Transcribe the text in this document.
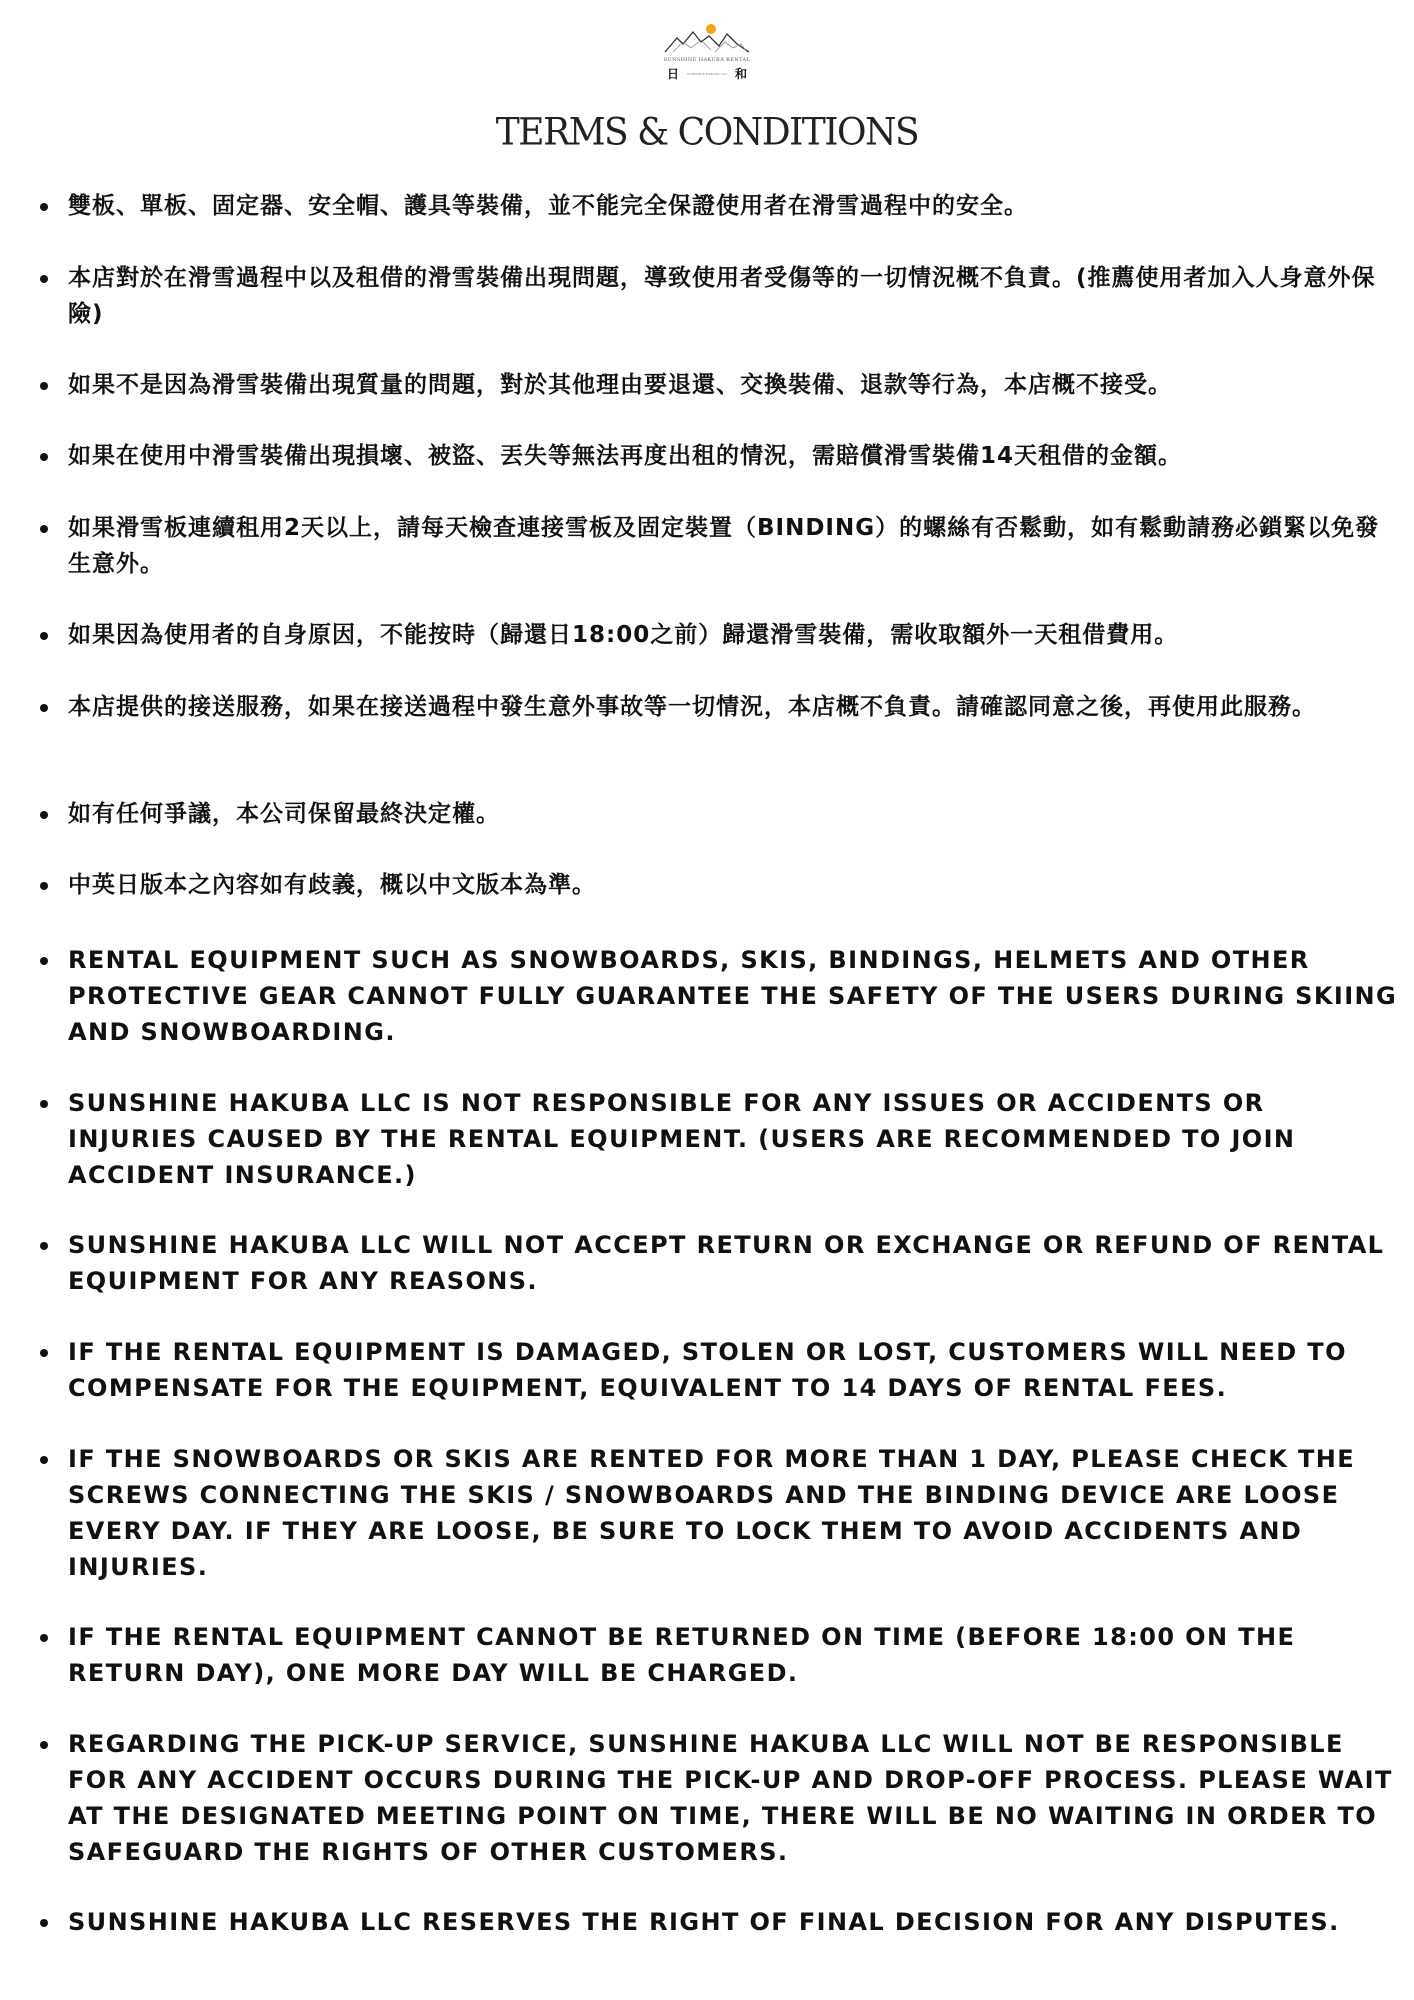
SUNSHINE HAKUBA RENTAL
日	SUNSHINE HAKUBA LLC 和
TERMS & CONDITIONS
雙板、單板、固定器、安全帽、護具等裝備，並不能完全保證使用者在滑雪過程中的安全。
本店對於在滑雪過程中以及租借的滑雪裝備出現問題，導致使用者受傷等的一切情況概不負責。(推薦使用者加入人身意外保險)
如果不是因為滑雪裝備出現質量的問題，對於其他理由要退還、交換裝備、退款等行為，本店概不接受。
如果在使用中滑雪裝備出現損壞、被盜、丟失等無法再度出租的情況，需賠償滑雪裝備14天租借的金額。
如果滑雪板連續租用2天以上，請每天檢查連接雪板及固定裝置（BINDING）的螺絲有否鬆動，如有鬆動請務必鎖緊以免發生意外。
如果因為使用者的自身原因，不能按時（歸還日18:00之前）歸還滑雪裝備，需收取額外一天租借費用。
本店提供的接送服務，如果在接送過程中發生意外事故等一切情況，本店概不負責。請確認同意之後，再使用此服務。
如有任何爭議，本公司保留最終決定權。
中英日版本之內容如有歧義，概以中文版本為準。
RENTAL EQUIPMENT SUCH AS SNOWBOARDS, SKIS, BINDINGS, HELMETS AND OTHER PROTECTIVE GEAR CANNOT FULLY GUARANTEE THE SAFETY OF THE USERS DURING SKIING AND SNOWBOARDING.
SUNSHINE HAKUBA LLC IS NOT RESPONSIBLE FOR ANY ISSUES OR ACCIDENTS OR INJURIES CAUSED BY THE RENTAL EQUIPMENT. (USERS ARE RECOMMENDED TO JOIN ACCIDENT INSURANCE.)
SUNSHINE HAKUBA LLC WILL NOT ACCEPT RETURN OR EXCHANGE OR REFUND OF RENTAL EQUIPMENT FOR ANY REASONS.
IF THE RENTAL EQUIPMENT IS DAMAGED, STOLEN OR LOST, CUSTOMERS WILL NEED TO COMPENSATE FOR THE EQUIPMENT, EQUIVALENT TO 14 DAYS OF RENTAL FEES.
IF THE SNOWBOARDS OR SKIS ARE RENTED FOR MORE THAN 1 DAY, PLEASE CHECK THE SCREWS CONNECTING THE SKIS / SNOWBOARDS AND THE BINDING DEVICE ARE LOOSE EVERY DAY. IF THEY ARE LOOSE, BE SURE TO LOCK THEM TO AVOID ACCIDENTS AND INJURIES.
IF THE RENTAL EQUIPMENT CANNOT BE RETURNED ON TIME (BEFORE 18:00 ON THE RETURN DAY), ONE MORE DAY WILL BE CHARGED.
REGARDING THE PICK-UP SERVICE, SUNSHINE HAKUBA LLC WILL NOT BE RESPONSIBLE FOR ANY ACCIDENT OCCURS DURING THE PICK-UP AND DROP-OFF PROCESS. PLEASE WAIT AT THE DESIGNATED MEETING POINT ON TIME, THERE WILL BE NO WAITING IN ORDER TO SAFEGUARD THE RIGHTS OF OTHER CUSTOMERS.
SUNSHINE HAKUBA LLC RESERVES THE RIGHT OF FINAL DECISION FOR ANY DISPUTES.
